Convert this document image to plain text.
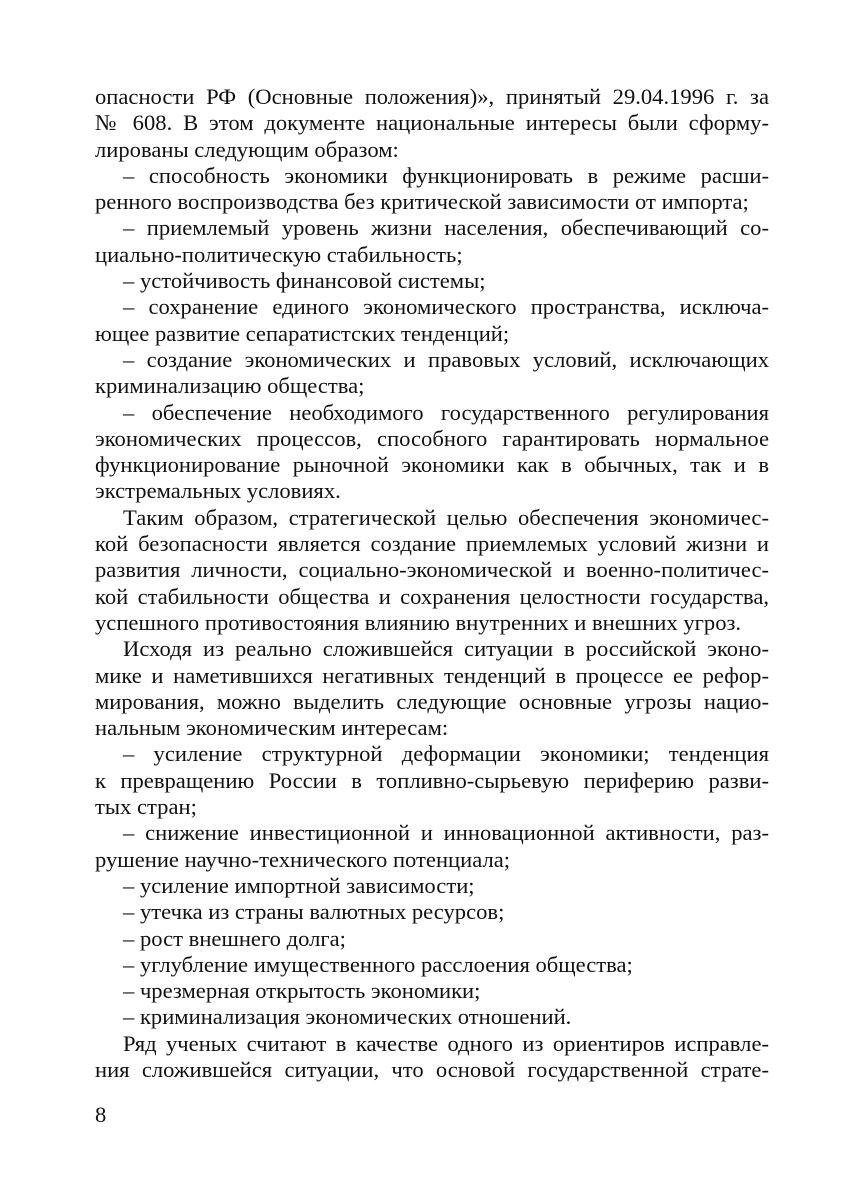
опасности РФ (Основные положения)», принятый 29.04.1996 г. за
№ 608. В этом документе национальные интересы были сформу-
лированы следующим образом:

– способность экономики функционировать в режиме расши-
ренного воспроизводства без критической зависимости от импорта;

– приемлемый уровень жизни населения, обеспечивающий со-
циально-политическую стабильность;

– устойчивость финансовой системы;

– сохранение единого экономического пространства, исключа-
ющее развитие сепаратистских тенденций;

– создание экономических и правовых условий, исключающих
криминализацию общества;

– обеспечение необходимого государственного регулирования
экономических процессов, способного гарантировать нормальное
функционирование рыночной экономики как в обычных, так и в
экстремальных условиях.

Таким образом, стратегической целью обеспечения экономичес-
кой безопасности является создание приемлемых условий жизни и
развития личности, социально-экономической и военно-политичес-
кой стабильности общества и сохранения целостности государства,
успешного противостояния влиянию внутренних и внешних угроз.

Исходя из реально сложившейся ситуации в российской эконо-
мике и наметившихся негативных тенденций в процессе ее рефор-
мирования, можно выделить следующие основные угрозы нацио-
нальным экономическим интересам:

– усиление структурной деформации экономики; тенденция
к превращению России в топливно-сырьевую периферию разви-
тых стран;

– снижение инвестиционной и инновационной активности, раз-
рушение научно-технического потенциала;

– усиление импортной зависимости;

– утечка из страны валютных ресурсов;

– рост внешнего долга;

– углубление имущественного расслоения общества;

– чрезмерная открытость экономики;

– криминализация экономических отношений.

Ряд ученых считают в качестве одного из ориентиров исправле-
ния сложившейся ситуации, что основой государственной страте-

8
